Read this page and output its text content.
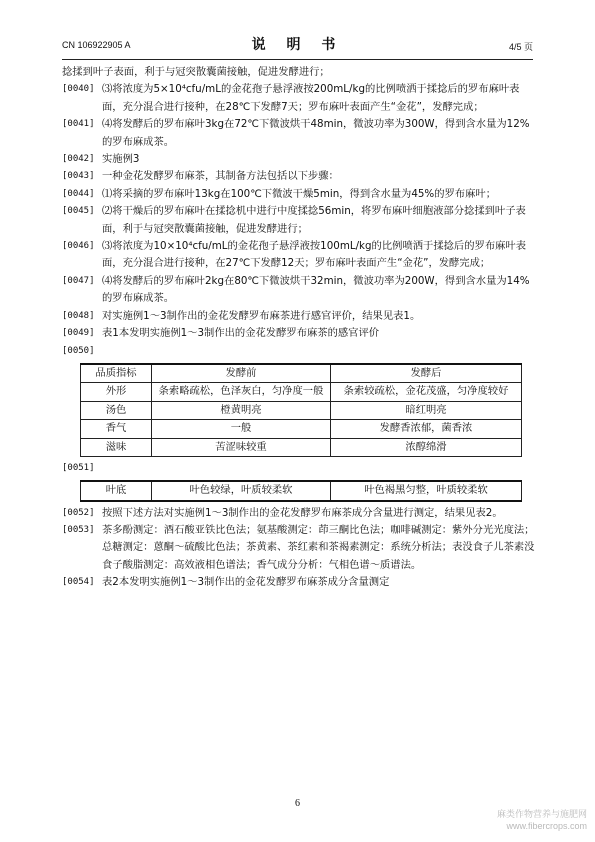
CN 106922905 A	说 明 书	4/5 页
捻揉到叶子表面，利于与冠突散囊菌接触，促进发酵进行；
[0040] ⑶将浓度为5×10⁴cfu/mL的金花孢子悬浮液按200mL/kg的比例喷洒于揉捻后的罗布麻叶表面，充分混合进行接种，在28℃下发酵7天；罗布麻叶表面产生“金花”，发酵完成；
[0041] ⑷将发酵后的罗布麻叶3kg在72℃下微波烘干48min，微波功率为300W，得到含水量为12%的罗布麻成茶。
[0042] 实施例3
[0043] 一种金花发酵罗布麻茶，其制备方法包括以下步骤：
[0044] ⑴将采摘的罗布麻叶13kg在100℃下微波干燥5min，得到含水量为45%的罗布麻叶；
[0045] ⑵将干燥后的罗布麻叶在揉捻机中进行中度揉捻56min，将罗布麻叶细胞液部分捻揉到叶子表面，利于与冠突散囊菌接触，促进发酵进行；
[0046] ⑶将浓度为10×10⁴cfu/mL的金花孢子悬浮液按100mL/kg的比例喷洒于揉捻后的罗布麻叶表面，充分混合进行接种，在27℃下发酵12天；罗布麻叶表面产生“金花”，发酵完成；
[0047] ⑷将发酵后的罗布麻叶2kg在80℃下微波烘干32min，微波功率为200W，得到含水量为14%的罗布麻成茶。
[0048] 对实施例1～3制作出的金花发酵罗布麻茶进行感官评价，结果见表1。
[0049] 表1本发明实施例1～3制作出的金花发酵罗布麻茶的感官评价
[0050]
品质指标	发酵前	发酵后
外形	条索略疏松，色泽灰白，匀净度一般	条索较疏松，金花茂盛，匀净度较好
汤色	橙黄明亮	暗红明亮
香气	一般	发酵香浓郁，菌香浓
滋味	苦涩味较重	浓醇绵滑
[0051]
叶底	叶色较绿，叶质较柔软	叶色褐黑匀整，叶质较柔软
[0052] 按照下述方法对实施例1～3制作出的金花发酵罗布麻茶成分含量进行测定，结果见表2。
[0053] 茶多酚测定：酒石酸亚铁比色法；氨基酸测定：茚三酮比色法；咖啡碱测定：紫外分光光度法；总糖测定：蒽酮～硫酸比色法；茶黄素、茶红素和茶褐素测定：系统分析法；表没食子儿茶素没食子酸脂测定：高效液相色谱法；香气成分分析：气相色谱～质谱法。
[0054] 表2本发明实施例1～3制作出的金花发酵罗布麻茶成分含量测定
6
麻类作物营养与施肥网
www.fibercrops.com
